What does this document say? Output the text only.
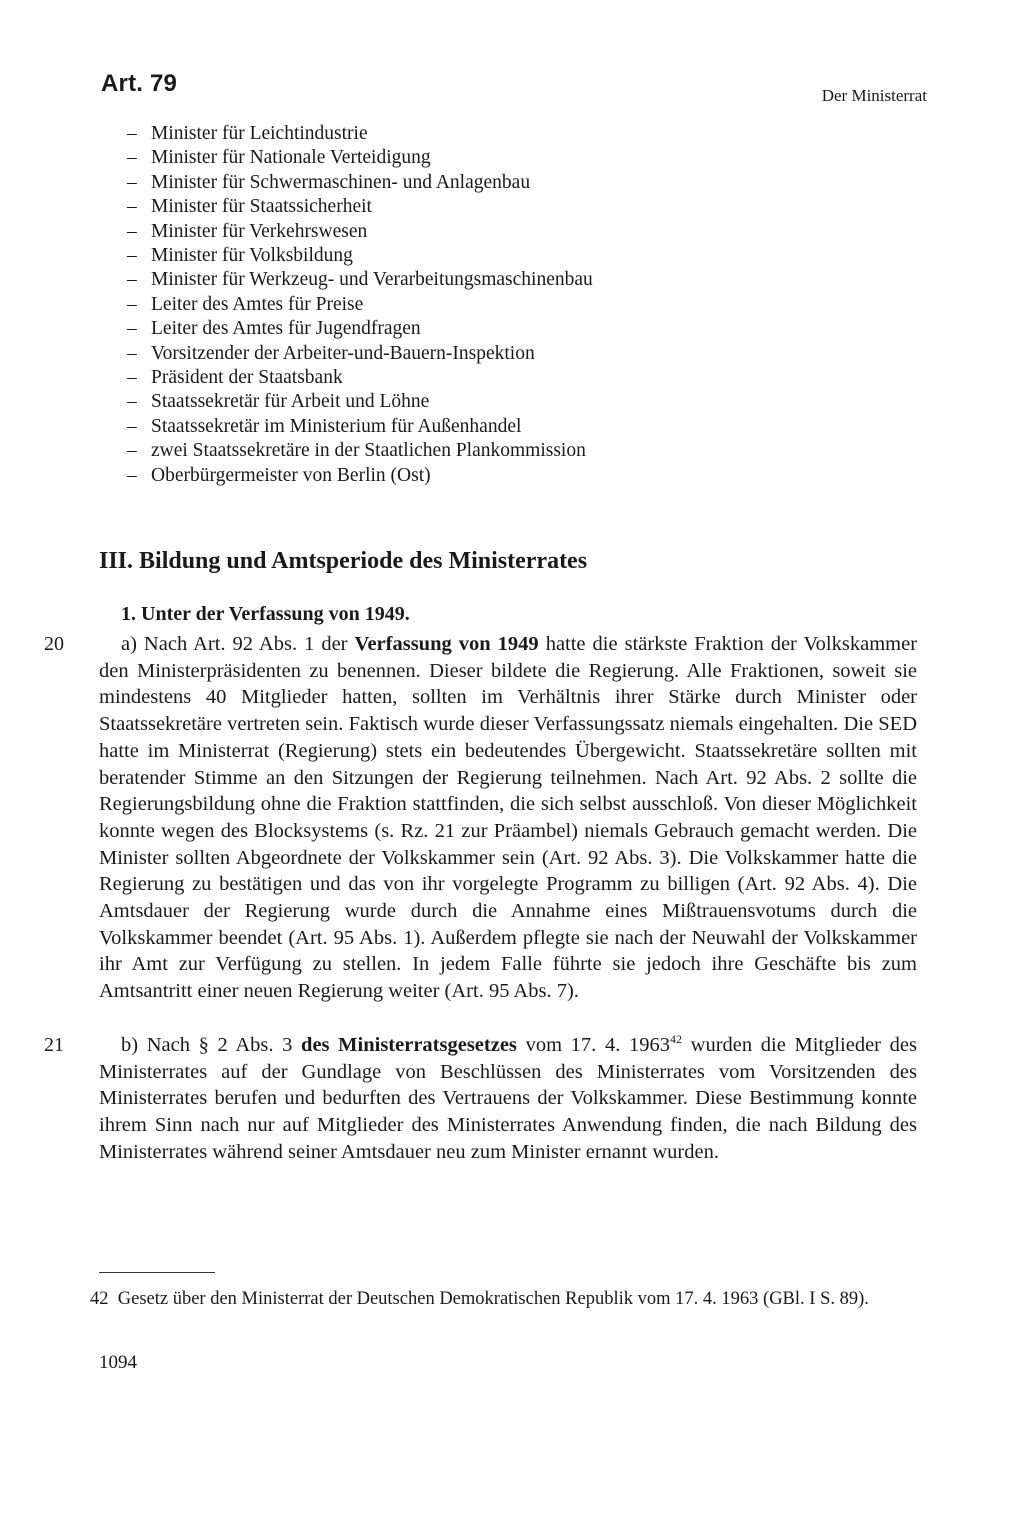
Art. 79	Der Ministerrat
– Minister für Leichtindustrie
– Minister für Nationale Verteidigung
– Minister für Schwermaschinen- und Anlagenbau
– Minister für Staatssicherheit
– Minister für Verkehrswesen
– Minister für Volksbildung
– Minister für Werkzeug- und Verarbeitungsmaschinenbau
– Leiter des Amtes für Preise
– Leiter des Amtes für Jugendfragen
– Vorsitzender der Arbeiter-und-Bauern-Inspektion
– Präsident der Staatsbank
– Staatssekretär für Arbeit und Löhne
– Staatssekretär im Ministerium für Außenhandel
– zwei Staatssekretäre in der Staatlichen Plankommission
– Oberbürgermeister von Berlin (Ost)
III. Bildung und Amtsperiode des Ministerrates
1. Unter der Verfassung von 1949.
20	a) Nach Art. 92 Abs. 1 der Verfassung von 1949 hatte die stärkste Fraktion der Volkskammer den Ministerpräsidenten zu benennen. Dieser bildete die Regierung. Alle Fraktionen, soweit sie mindestens 40 Mitglieder hatten, sollten im Verhältnis ihrer Stärke durch Minister oder Staatssekretäre vertreten sein. Faktisch wurde dieser Verfassungssatz niemals eingehalten. Die SED hatte im Ministerrat (Regierung) stets ein bedeutendes Übergewicht. Staatssekretäre sollten mit beratender Stimme an den Sitzungen der Regierung teilnehmen. Nach Art. 92 Abs. 2 sollte die Regierungsbildung ohne die Fraktion stattfinden, die sich selbst ausschloß. Von dieser Möglichkeit konnte wegen des Blocksystems (s. Rz. 21 zur Präambel) niemals Gebrauch gemacht werden. Die Minister sollten Abgeordnete der Volkskammer sein (Art. 92 Abs. 3). Die Volkskammer hatte die Regierung zu bestätigen und das von ihr vorgelegte Programm zu billigen (Art. 92 Abs. 4). Die Amtsdauer der Regierung wurde durch die Annahme eines Mißtrauensvotums durch die Volkskammer beendet (Art. 95 Abs. 1). Außerdem pflegte sie nach der Neuwahl der Volkskammer ihr Amt zur Verfügung zu stellen. In jedem Falle führte sie jedoch ihre Geschäfte bis zum Amtsantritt einer neuen Regierung weiter (Art. 95 Abs. 7).

21	b) Nach § 2 Abs. 3 des Ministerratsgesetzes vom 17. 4. 1963$^{42}$ wurden die Mitglieder des Ministerrates auf der Gundlage von Beschlüssen des Ministerrates vom Vorsitzenden des Ministerrates berufen und bedurften des Vertrauens der Volkskammer. Diese Bestimmung konnte ihrem Sinn nach nur auf Mitglieder des Ministerrates Anwendung finden, die nach Bildung des Ministerrates während seiner Amtsdauer neu zum Minister ernannt wurden.

42 Gesetz über den Ministerrat der Deutschen Demokratischen Republik vom 17. 4. 1963 (GBl. I S. 89).

1094
